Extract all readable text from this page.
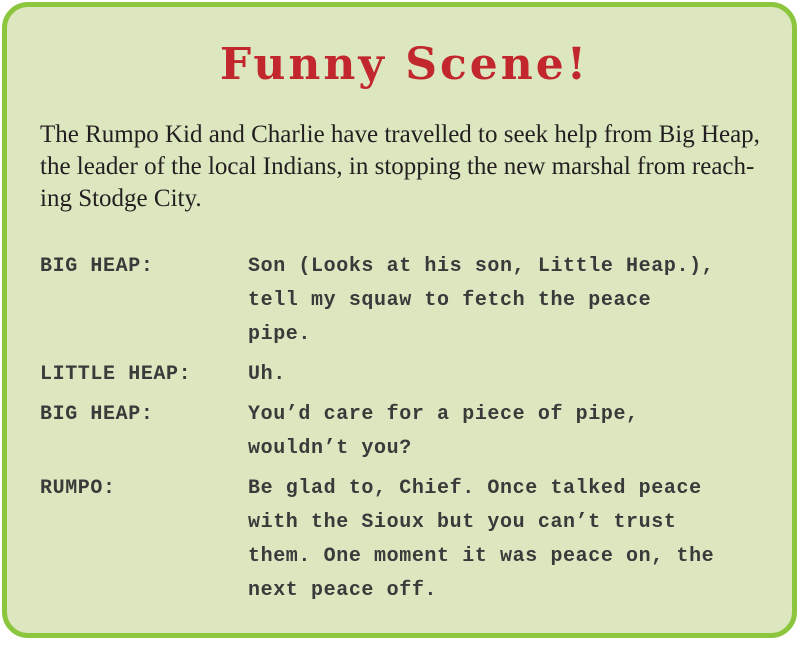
Funny Scene!
The Rumpo Kid and Charlie have travelled to seek help from Big Heap,
the leader of the local Indians, in stopping the new marshal from reach-
ing Stodge City.
BIG HEAP:	Son (Looks at his son, Little Heap.),
tell my squaw to fetch the peace
pipe.
LITTLE HEAP:	Uh.
BIG HEAP:	You’d care for a piece of pipe,
wouldn’t you?
RUMPO:	Be glad to, Chief. Once talked peace
with the Sioux but you can’t trust
them. One moment it was peace on, the
next peace off.
